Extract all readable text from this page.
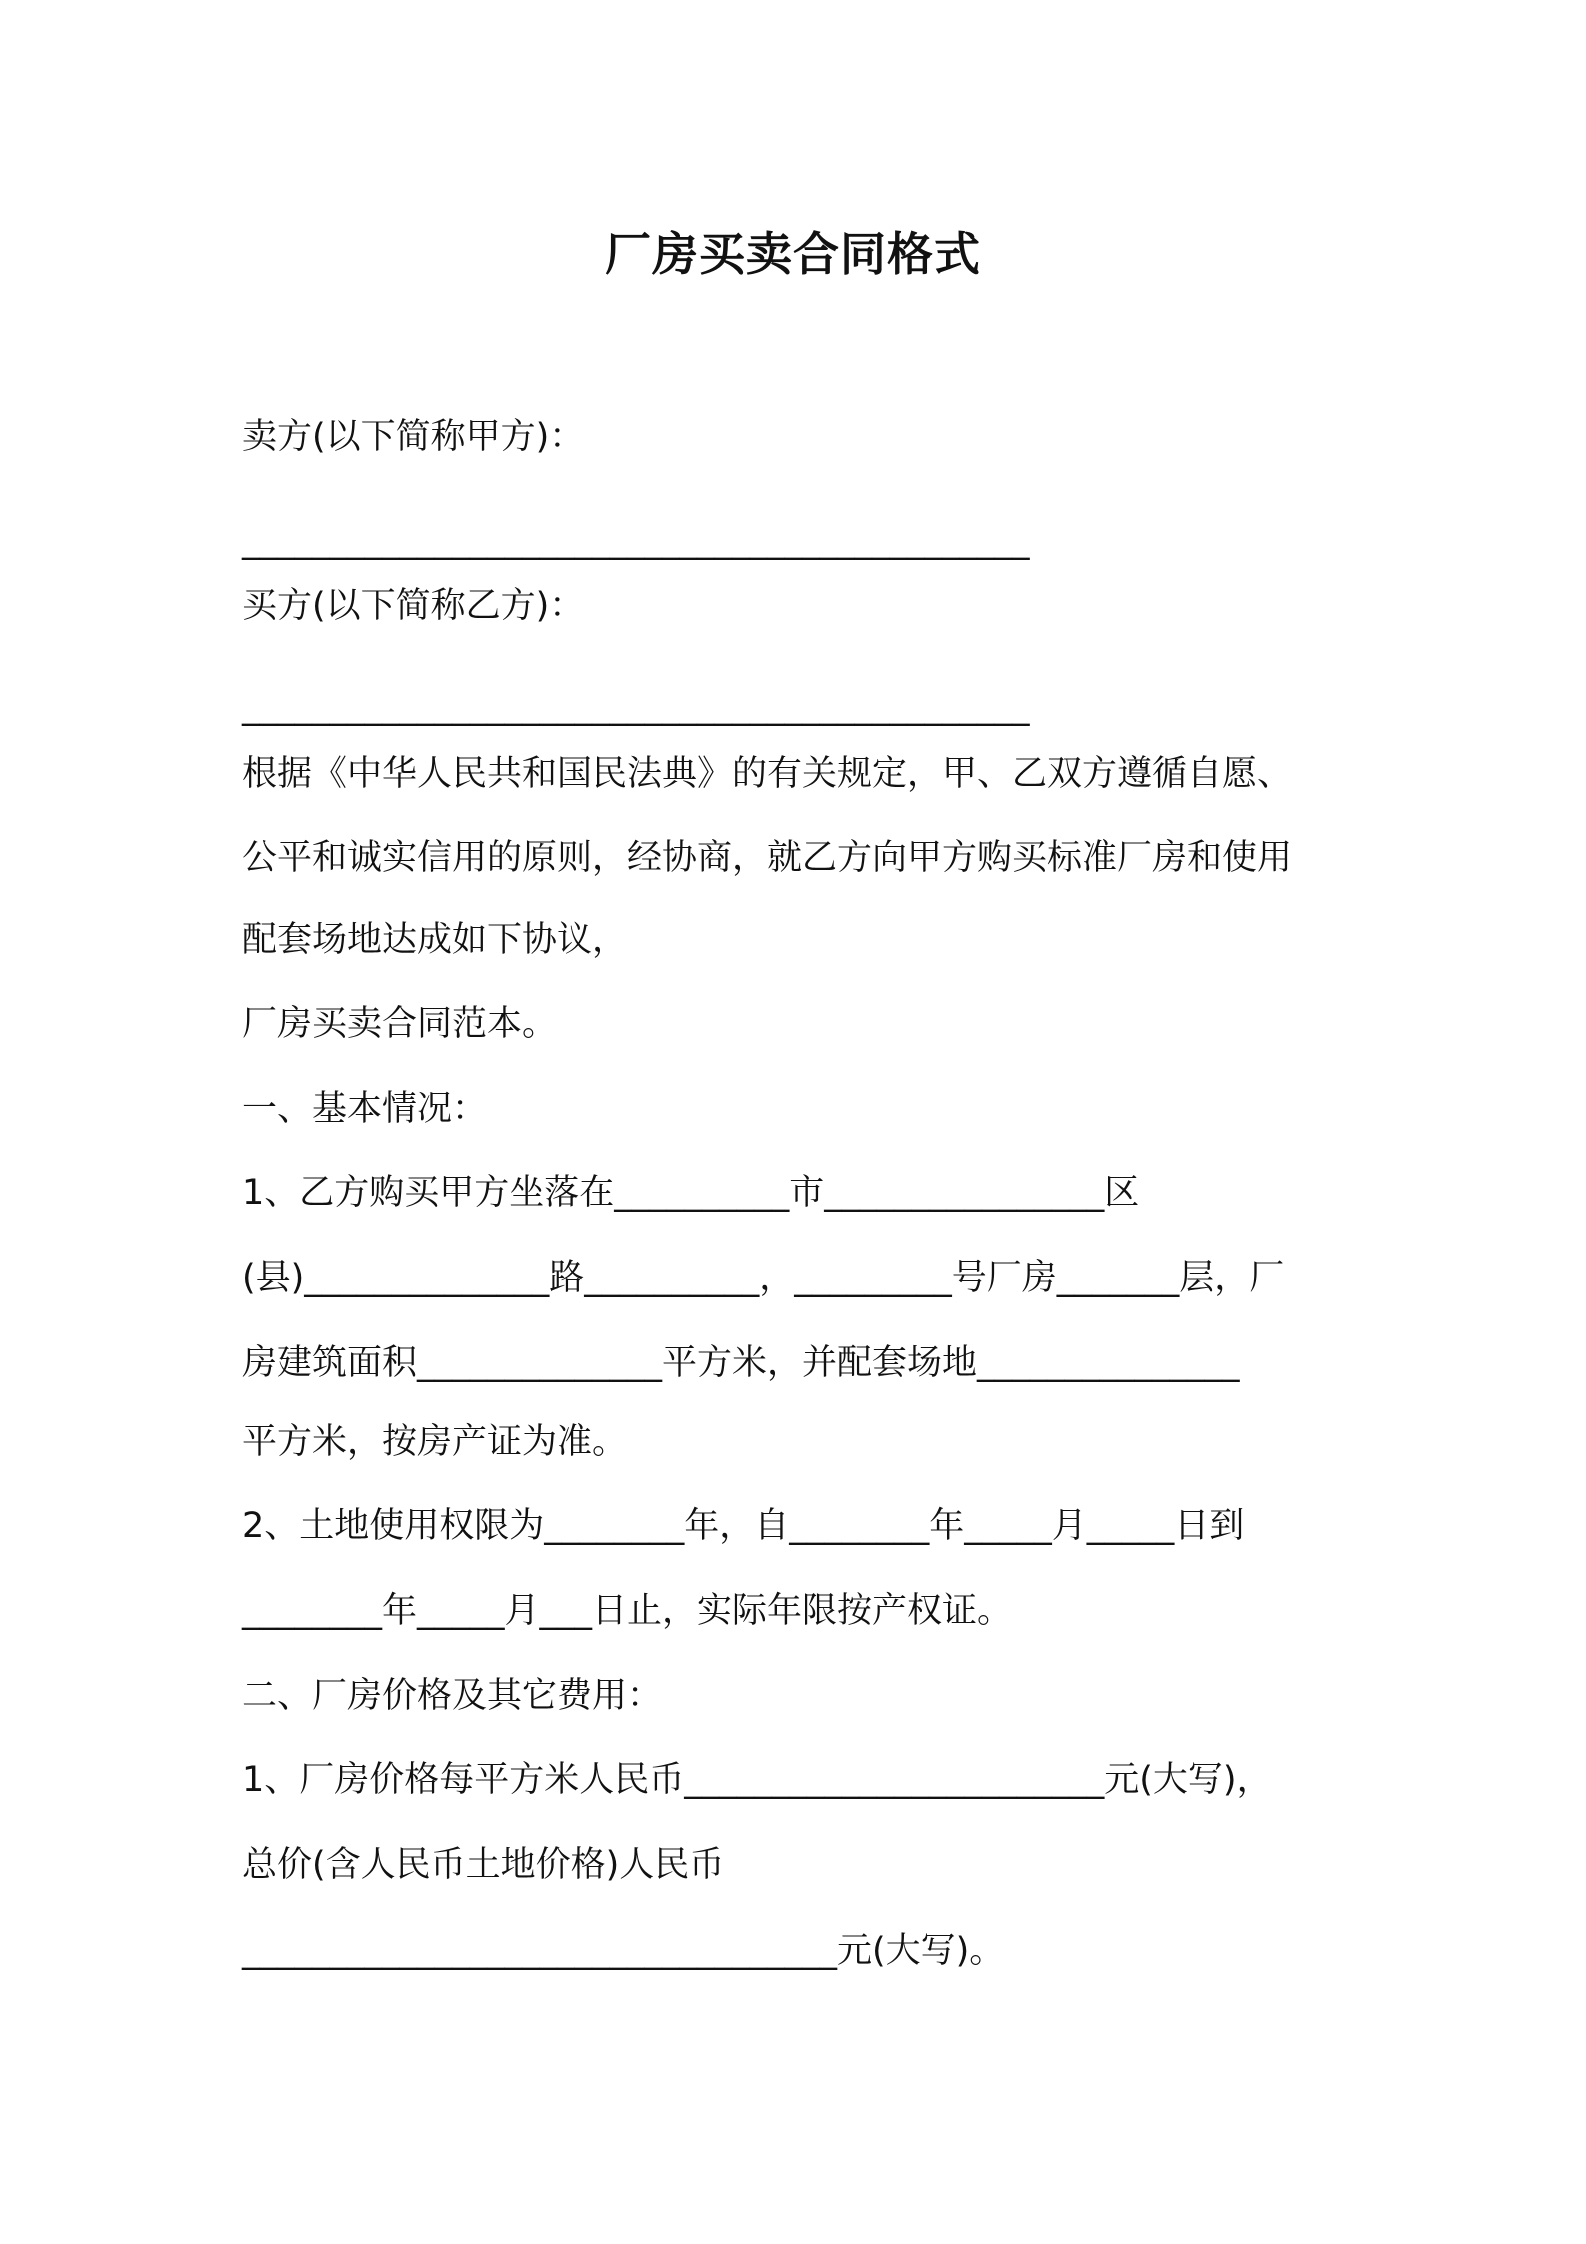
厂房买卖合同格式
卖方(以下简称甲方)：
_____________________________________________
买方(以下简称乙方)：
_____________________________________________
根据《中华人民共和国民法典》的有关规定，甲、乙双方遵循自愿、
公平和诚实信用的原则，经协商，就乙方向甲方购买标准厂房和使用
配套场地达成如下协议，
厂房买卖合同范本。
一、基本情况：
1、乙方购买甲方坐落在__________市________________区
(县)______________路__________，_________号厂房_______层，厂
房建筑面积______________平方米，并配套场地_______________
平方米，按房产证为准。
2、土地使用权限为________年，自________年_____月_____日到
________年_____月___日止，实际年限按产权证。
二、厂房价格及其它费用：
1、厂房价格每平方米人民币________________________元(大写)，
总价(含人民币土地价格)人民币
__________________________________元(大写)。
